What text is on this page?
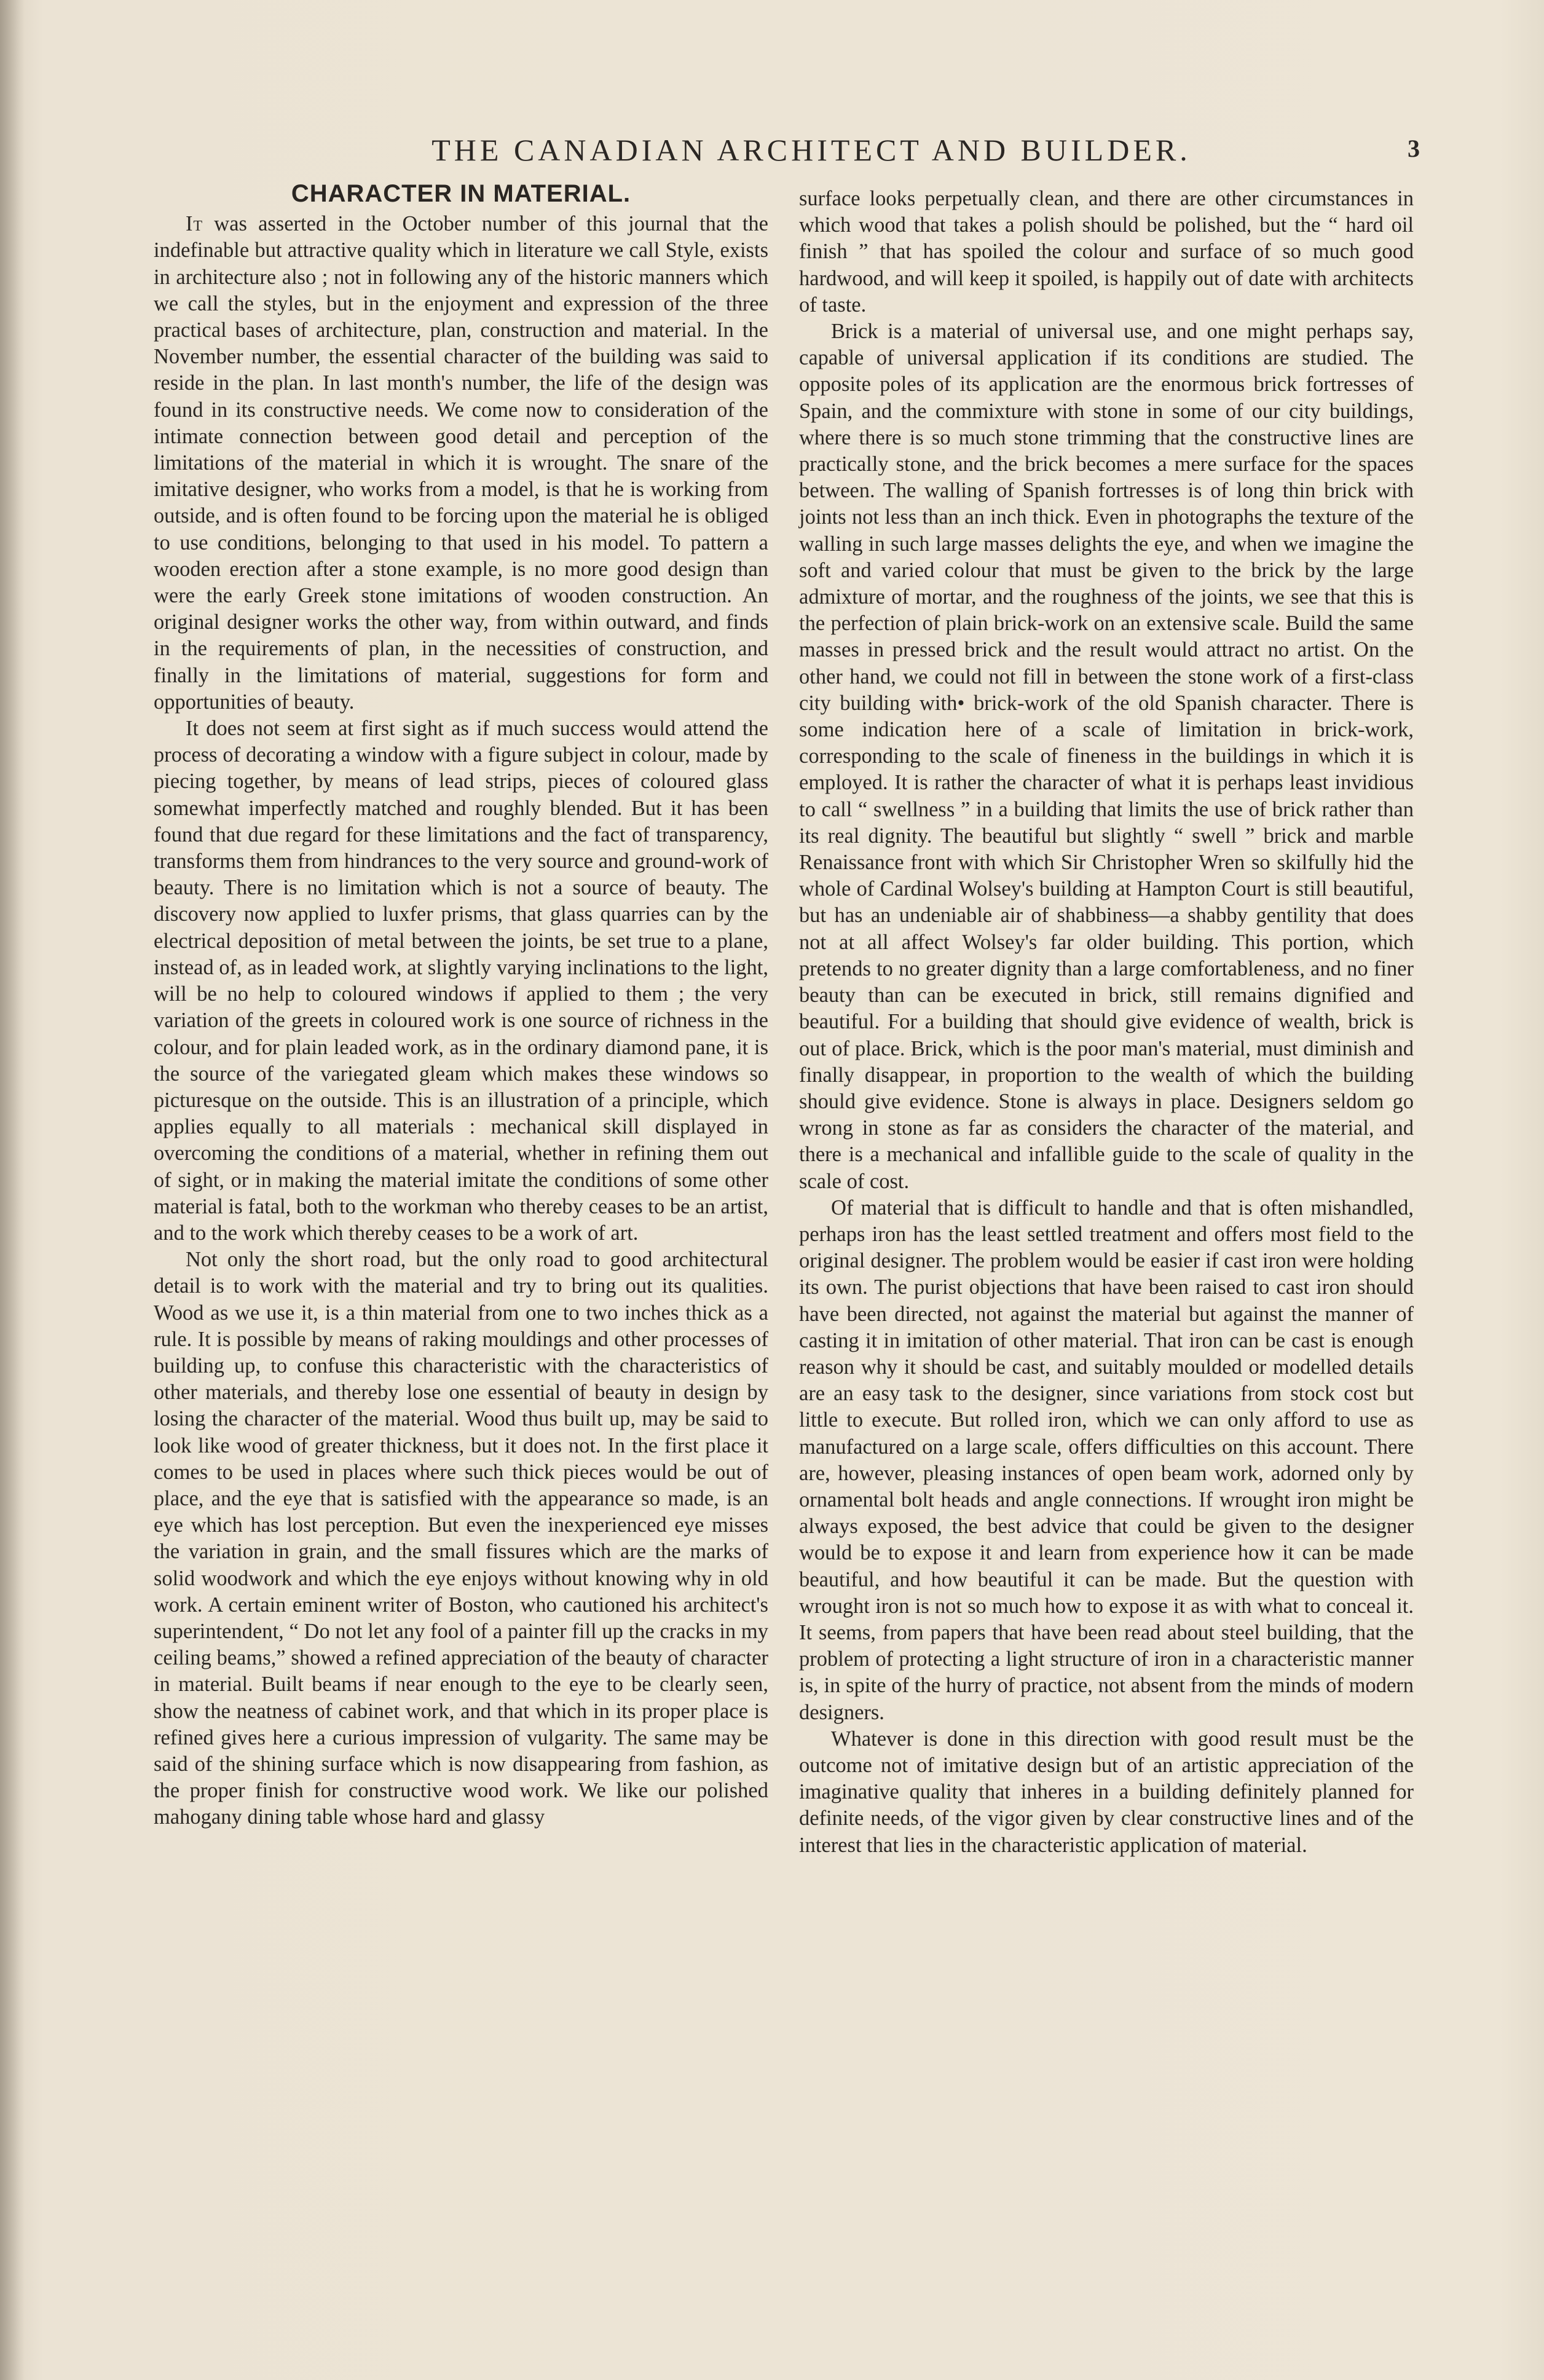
THE CANADIAN ARCHITECT AND BUILDER.	3
CHARACTER IN MATERIAL.

It was asserted in the October number of this journal that the indefinable but attractive quality which in literature we call Style, exists in architecture also ; not in following any of the historic manners which we call the styles, but in the enjoyment and expression of the three practical bases of architecture, plan, construction and material. In the November number, the essential character of the building was said to reside in the plan. In last month's number, the life of the design was found in its constructive needs. We come now to consideration of the intimate connection between good detail and perception of the limitations of the material in which it is wrought. The snare of the imitative designer, who works from a model, is that he is working from outside, and is often found to be forcing upon the material he is obliged to use conditions, belonging to that used in his model. To pattern a wooden erection after a stone example, is no more good design than were the early Greek stone imitations of wooden construction. An original designer works the other way, from within outward, and finds in the requirements of plan, in the necessities of construction, and finally in the limitations of material, suggestions for form and opportunities of beauty.

It does not seem at first sight as if much success would attend the process of decorating a window with a figure subject in colour, made by piecing together, by means of lead strips, pieces of coloured glass somewhat imperfectly matched and roughly blended. But it has been found that due regard for these limitations and the fact of transparency, transforms them from hindrances to the very source and ground-work of beauty. There is no limitation which is not a source of beauty. The discovery now applied to luxfer prisms, that glass quarries can by the electrical deposition of metal between the joints, be set true to a plane, instead of, as in leaded work, at slightly varying inclinations to the light, will be no help to coloured windows if applied to them ; the very variation of the greets in coloured work is one source of richness in the colour, and for plain leaded work, as in the ordinary diamond pane, it is the source of the variegated gleam which makes these windows so picturesque on the outside. This is an illustration of a principle, which applies equally to all materials : mechanical skill displayed in overcoming the conditions of a material, whether in refining them out of sight, or in making the material imitate the conditions of some other material is fatal, both to the workman who thereby ceases to be an artist, and to the work which thereby ceases to be a work of art.

Not only the short road, but the only road to good architectural detail is to work with the material and try to bring out its qualities. Wood as we use it, is a thin material from one to two inches thick as a rule. It is possible by means of raking mouldings and other processes of building up, to confuse this characteristic with the characteristics of other materials, and thereby lose one essential of beauty in design by losing the character of the material. Wood thus built up, may be said to look like wood of greater thickness, but it does not. In the first place it comes to be used in places where such thick pieces would be out of place, and the eye that is satisfied with the appearance so made, is an eye which has lost perception. But even the inexperienced eye misses the variation in grain, and the small fissures which are the marks of solid woodwork and which the eye enjoys without knowing why in old work. A certain eminent writer of Boston, who cautioned his architect's superintendent, “ Do not let any fool of a painter fill up the cracks in my ceiling beams,” showed a refined appreciation of the beauty of character in material. Built beams if near enough to the eye to be clearly seen, show the neatness of cabinet work, and that which in its proper place is refined gives here a curious impression of vulgarity. The same may be said of the shining surface which is now disappearing from fashion, as the proper finish for constructive wood work. We like our polished mahogany dining table whose hard and glassy

surface looks perpetually clean, and there are other circumstances in which wood that takes a polish should be polished, but the “ hard oil finish ” that has spoiled the colour and surface of so much good hardwood, and will keep it spoiled, is happily out of date with architects of taste.

Brick is a material of universal use, and one might perhaps say, capable of universal application if its conditions are studied. The opposite poles of its application are the enormous brick fortresses of Spain, and the commixture with stone in some of our city buildings, where there is so much stone trimming that the constructive lines are practically stone, and the brick becomes a mere surface for the spaces between. The walling of Spanish fortresses is of long thin brick with joints not less than an inch thick. Even in photographs the texture of the walling in such large masses delights the eye, and when we imagine the soft and varied colour that must be given to the brick by the large admixture of mortar, and the roughness of the joints, we see that this is the perfection of plain brick-work on an extensive scale. Build the same masses in pressed brick and the result would attract no artist. On the other hand, we could not fill in between the stone work of a first-class city building with• brick-work of the old Spanish character. There is some indication here of a scale of limitation in brick-work, corresponding to the scale of fineness in the buildings in which it is employed. It is rather the character of what it is perhaps least invidious to call “ swellness ” in a building that limits the use of brick rather than its real dignity. The beautiful but slightly “ swell ” brick and marble Renaissance front with which Sir Christopher Wren so skilfully hid the whole of Cardinal Wolsey's building at Hampton Court is still beautiful, but has an undeniable air of shabbiness—a shabby gentility that does not at all affect Wolsey's far older building. This portion, which pretends to no greater dignity than a large comfortableness, and no finer beauty than can be executed in brick, still remains dignified and beautiful. For a building that should give evidence of wealth, brick is out of place. Brick, which is the poor man's material, must diminish and finally disappear, in proportion to the wealth of which the building should give evidence. Stone is always in place. Designers seldom go wrong in stone as far as considers the character of the material, and there is a mechanical and infallible guide to the scale of quality in the scale of cost.

Of material that is difficult to handle and that is often mishandled, perhaps iron has the least settled treatment and offers most field to the original designer. The problem would be easier if cast iron were holding its own. The purist objections that have been raised to cast iron should have been directed, not against the material but against the manner of casting it in imitation of other material. That iron can be cast is enough reason why it should be cast, and suitably moulded or modelled details are an easy task to the designer, since variations from stock cost but little to execute. But rolled iron, which we can only afford to use as manufactured on a large scale, offers difficulties on this account. There are, however, pleasing instances of open beam work, adorned only by ornamental bolt heads and angle connections. If wrought iron might be always exposed, the best advice that could be given to the designer would be to expose it and learn from experience how it can be made beautiful, and how beautiful it can be made. But the question with wrought iron is not so much how to expose it as with what to conceal it. It seems, from papers that have been read about steel building, that the problem of protecting a light structure of iron in a characteristic manner is, in spite of the hurry of practice, not absent from the minds of modern designers.

Whatever is done in this direction with good result must be the outcome not of imitative design but of an artistic appreciation of the imaginative quality that inheres in a building definitely planned for definite needs, of the vigor given by clear constructive lines and of the interest that lies in the characteristic application of material.
